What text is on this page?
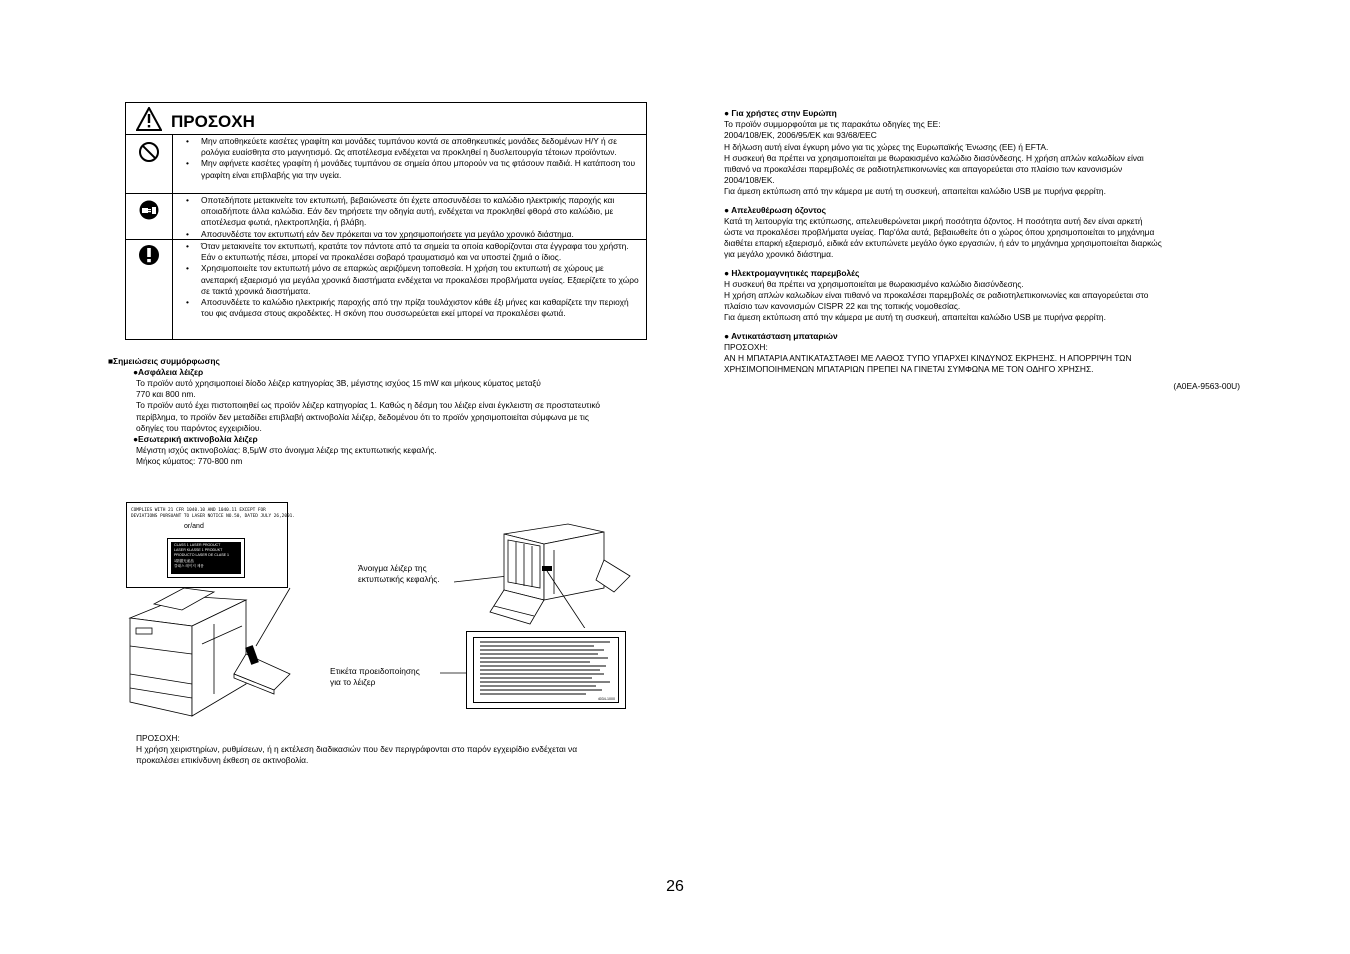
ΠΡΟΣΟΧΗ
• Μην αποθηκεύετε κασέτες γραφίτη και μονάδες τυμπάνου κοντά σε αποθηκευτικές μονάδες δεδομένων Η/Υ ή σε ρολόγια ευαίσθητα στο μαγνητισμό. Ως αποτέλεσμα ενδέχεται να προκληθεί η δυσλειτουργία τέτοιων προϊόντων.
• Μην αφήνετε κασέτες γραφίτη ή μονάδες τυμπάνου σε σημεία όπου μπορούν να τις φτάσουν παιδιά. Η κατάποση του γραφίτη είναι επιβλαβής για την υγεία.
• Οποτεδήποτε μετακινείτε τον εκτυπωτή, βεβαιώνεστε ότι έχετε αποσυνδέσει το καλώδιο ηλεκτρικής παροχής και οποιαδήποτε άλλα καλώδια. Εάν δεν τηρήσετε την οδηγία αυτή, ενδέχεται να προκληθεί φθορά στο καλώδιο, με αποτέλεσμα φωτιά, ηλεκτροπληξία, ή βλάβη.
• Αποσυνδέστε τον εκτυπωτή εάν δεν πρόκειται να τον χρησιμοποιήσετε για μεγάλο χρονικό διάστημα.
• Όταν μετακινείτε τον εκτυπωτή, κρατάτε τον πάντοτε από τα σημεία τα οποία καθορίζονται στα έγγραφα του χρήστη. Εάν ο εκτυπωτής πέσει, μπορεί να προκαλέσει σοβαρό τραυματισμό και να υποστεί ζημιά ο ίδιος.
• Χρησιμοποιείτε τον εκτυπωτή μόνο σε επαρκώς αεριζόμενη τοποθεσία. Η χρήση του εκτυπωτή σε χώρους με ανεπαρκή εξαερισμό για μεγάλα χρονικά διαστήματα ενδέχεται να προκαλέσει προβλήματα υγείας. Εξαερίζετε το χώρο σε τακτά χρονικά διαστήματα.
• Αποσυνδέετε το καλώδιο ηλεκτρικής παροχής από την πρίζα τουλάχιστον κάθε έξι μήνες και καθαρίζετε την περιοχή του φις ανάμεσα στους ακροδέκτες. Η σκόνη που συσσωρεύεται εκεί μπορεί να προκαλέσει φωτιά.
■Σημειώσεις συμμόρφωσης
●Ασφάλεια λέιζερ

Το προϊόν αυτό χρησιμοποιεί δίοδο λέιζερ κατηγορίας 3B, μέγιστης ισχύος 15 mW και μήκους κύματος μεταξύ

770 και 800 nm.

Το προϊόν αυτό έχει πιστοποιηθεί ως προϊόν λέιζερ κατηγορίας 1. Καθώς η δέσμη του λέιζερ είναι έγκλειστη σε προστατευτικό

περίβλημα, το προϊόν δεν μεταδίδει επιβλαβή ακτινοβολία λέιζερ, δεδομένου ότι το προϊόν χρησιμοποιείται σύμφωνα με τις

οδηγίες του παρόντος εγχειριδίου.

●Εσωτερική ακτινοβολία λέιζερ

Μέγιστη ισχύς ακτινοβολίας: 8,5μW στο άνοιγμα λέιζερ της εκτυπωτικής κεφαλής.

Μήκος κύματος: 770-800 nm

COMPLIES WITH 21 CFR 1040.10 AND 1040.11 EXCEPT FOR
DEVIATIONS PURSUANT TO LASER NOTICE NO.50, DATED JULY 26,2001.
or/and
CLASS 1 LASER PRODUCT
LASER KLASSE 1 PRODUKT
PRODUCTO LASER DE CLASE 1
1類激光產品
클래스 레이저 제품	Άνοιγμα λέιζερ της
εκτυπωτικής κεφαλής.
Ετικέτα προειδοποίησης
για το λέιζερ
4034-1000

ΠΡΟΣΟΧΗ:

Η χρήση χειριστηρίων, ρυθμίσεων, ή η εκτέλεση διαδικασιών που δεν περιγράφονται στο παρόν εγχειρίδιο ενδέχεται να

προκαλέσει επικίνδυνη έκθεση σε ακτινοβολία.

● Για χρήστες στην Ευρώπη

Το προϊόν συμμορφούται με τις παρακάτω οδηγίες της ΕΕ:

2004/108/ΕΚ, 2006/95/ΕΚ και 93/68/EEC

Η δήλωση αυτή είναι έγκυρη μόνο για τις χώρες της Ευρωπαϊκής Ένωσης (ΕΕ) ή EFTA.

Η συσκευή θα πρέπει να χρησιμοποιείται με θωρακισμένο καλώδιο διασύνδεσης. Η χρήση απλών καλωδίων είναι

πιθανό να προκαλέσει παρεμβολές σε ραδιοτηλεπικοινωνίες και απαγορεύεται στο πλαίσιο των κανονισμών

2004/108/ΕΚ.

Για άμεση εκτύπωση από την κάμερα με αυτή τη συσκευή, απαιτείται καλώδιο USB με πυρήνα φερρίτη.

● Απελευθέρωση όζοντος

Κατά τη λειτουργία της εκτύπωσης, απελευθερώνεται μικρή ποσότητα όζοντος. Η ποσότητα αυτή δεν είναι αρκετή

ώστε να προκαλέσει προβλήματα υγείας. Παρ'όλα αυτά, βεβαιωθείτε ότι ο χώρος όπου χρησιμοποιείται το μηχάνημα

διαθέτει επαρκή εξαερισμό, ειδικά εάν εκτυπώνετε μεγάλο όγκο εργασιών, ή εάν το μηχάνημα χρησιμοποιείται διαρκώς

για μεγάλο χρονικό διάστημα.

● Ηλεκτρομαγνητικές παρεμβολές

Η συσκευή θα πρέπει να χρησιμοποιείται με θωρακισμένο καλώδιο διασύνδεσης.

Η χρήση απλών καλωδίων είναι πιθανό να προκαλέσει παρεμβολές σε ραδιοτηλεπικοινωνίες και απαγορεύεται στο

πλαίσιο των κανονισμών CISPR 22 και της τοπικής νομοθεσίας.

Για άμεση εκτύπωση από την κάμερα με αυτή τη συσκευή, απαιτείται καλώδιο USB με πυρήνα φερρίτη.

● Αντικατάσταση μπαταριών

ΠΡΟΣΟΧΗ:

ΑΝ Η ΜΠΑΤΑΡΙΑ ΑΝΤΙΚΑΤΑΣΤΑΘΕΙ ΜΕ ΛΑΘΟΣ ΤΥΠΟ ΥΠΑΡΧΕΙ ΚΙΝΔΥΝΟΣ ΕΚΡΗΞΗΣ. Η ΑΠΟΡΡΙΨΗ ΤΩΝ

ΧΡΗΣΙΜΟΠΟΙΗΜΕΝΩΝ ΜΠΑΤΑΡΙΩΝ ΠΡΕΠΕΙ ΝΑ ΓΙΝΕΤΑΙ ΣΥΜΦΩΝΑ ΜΕ ΤΟΝ ΟΔΗΓΟ ΧΡΗΣΗΣ.

(A0EA-9563-00U)
26
